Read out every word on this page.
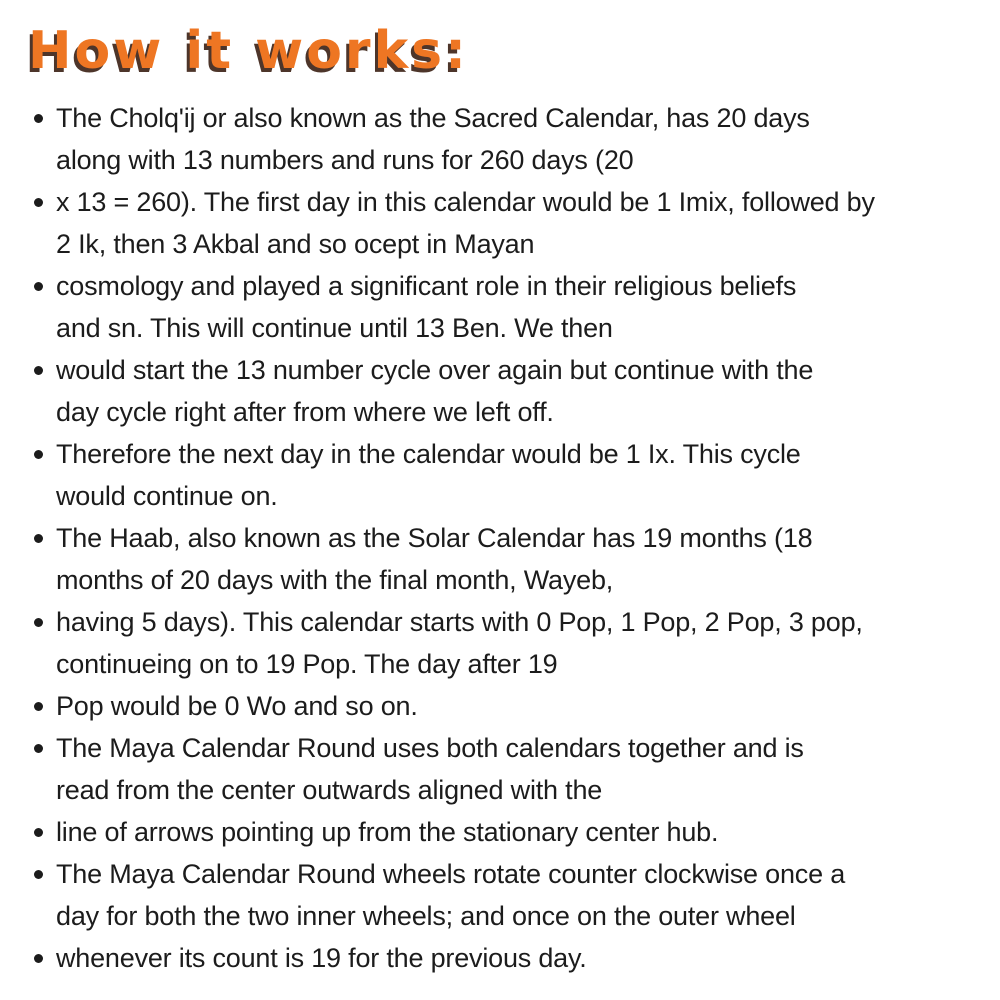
How it works:
The Cholq'ij or also known as the Sacred Calendar, has 20 days
along with 13 numbers and runs for 260 days (20
x 13 = 260). The first day in this calendar would be 1 Imix, followed by
2 Ik, then 3 Akbal and so ocept in Mayan
cosmology and played a significant role in their religious beliefs
and sn. This will continue until 13 Ben. We then
would start the 13 number cycle over again but continue with the
day cycle right after from where we left off.
Therefore the next day in the calendar would be 1 Ix. This cycle
would continue on.
The Haab, also known as the Solar Calendar has 19 months (18
months of 20 days with the final month, Wayeb,
having 5 days). This calendar starts with 0 Pop, 1 Pop, 2 Pop, 3 pop,
continueing on to 19 Pop. The day after 19
Pop would be 0 Wo and so on.
The Maya Calendar Round uses both calendars together and is
read from the center outwards aligned with the
line of arrows pointing up from the stationary center hub.
The Maya Calendar Round wheels rotate counter clockwise once a
day for both the two inner wheels; and once on the outer wheel
whenever its count is 19 for the previous day.
